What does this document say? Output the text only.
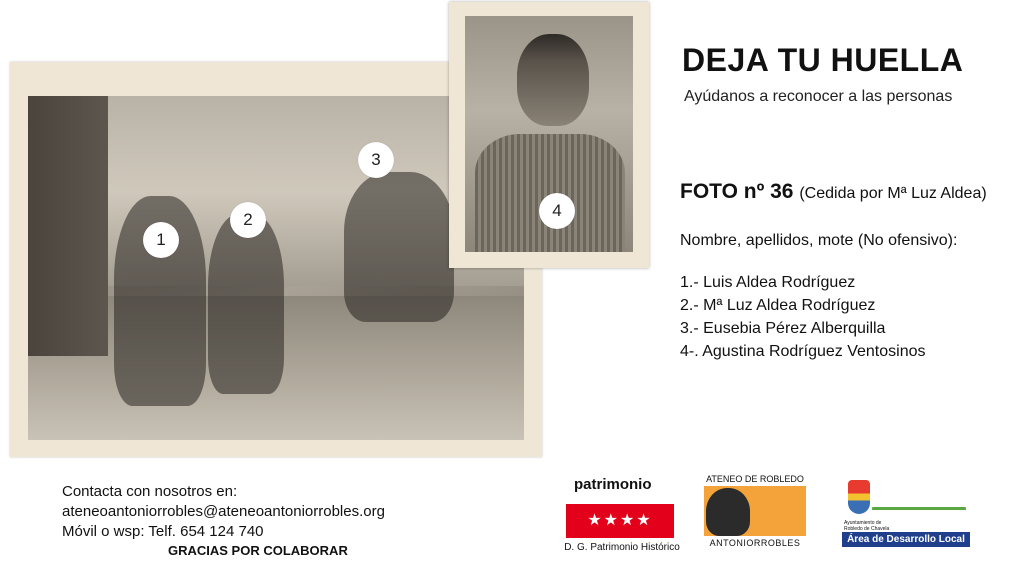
1
2
3
4
DEJA TU HUELLA
Ayúdanos a reconocer a las personas
FOTO nº 36 (Cedida por Mª Luz Aldea)
Nombre, apellidos, mote (No ofensivo):
1.- Luis Aldea Rodríguez
2.- Mª Luz Aldea Rodríguez
3.- Eusebia Pérez Alberquilla
4-. Agustina Rodríguez Ventosinos
Contacta con nosotros en:
ateneoantoniorrobles@ateneoantoniorrobles.org
Móvil o wsp: Telf. 654 124 740
GRACIAS POR COLABORAR
patrimonio
★★★★
D. G. Patrimonio Histórico
ATENEO DE ROBLEDO
ANTONIORROBLES
Ayuntamiento de Robledo de Chavela
Área de Desarrollo Local
